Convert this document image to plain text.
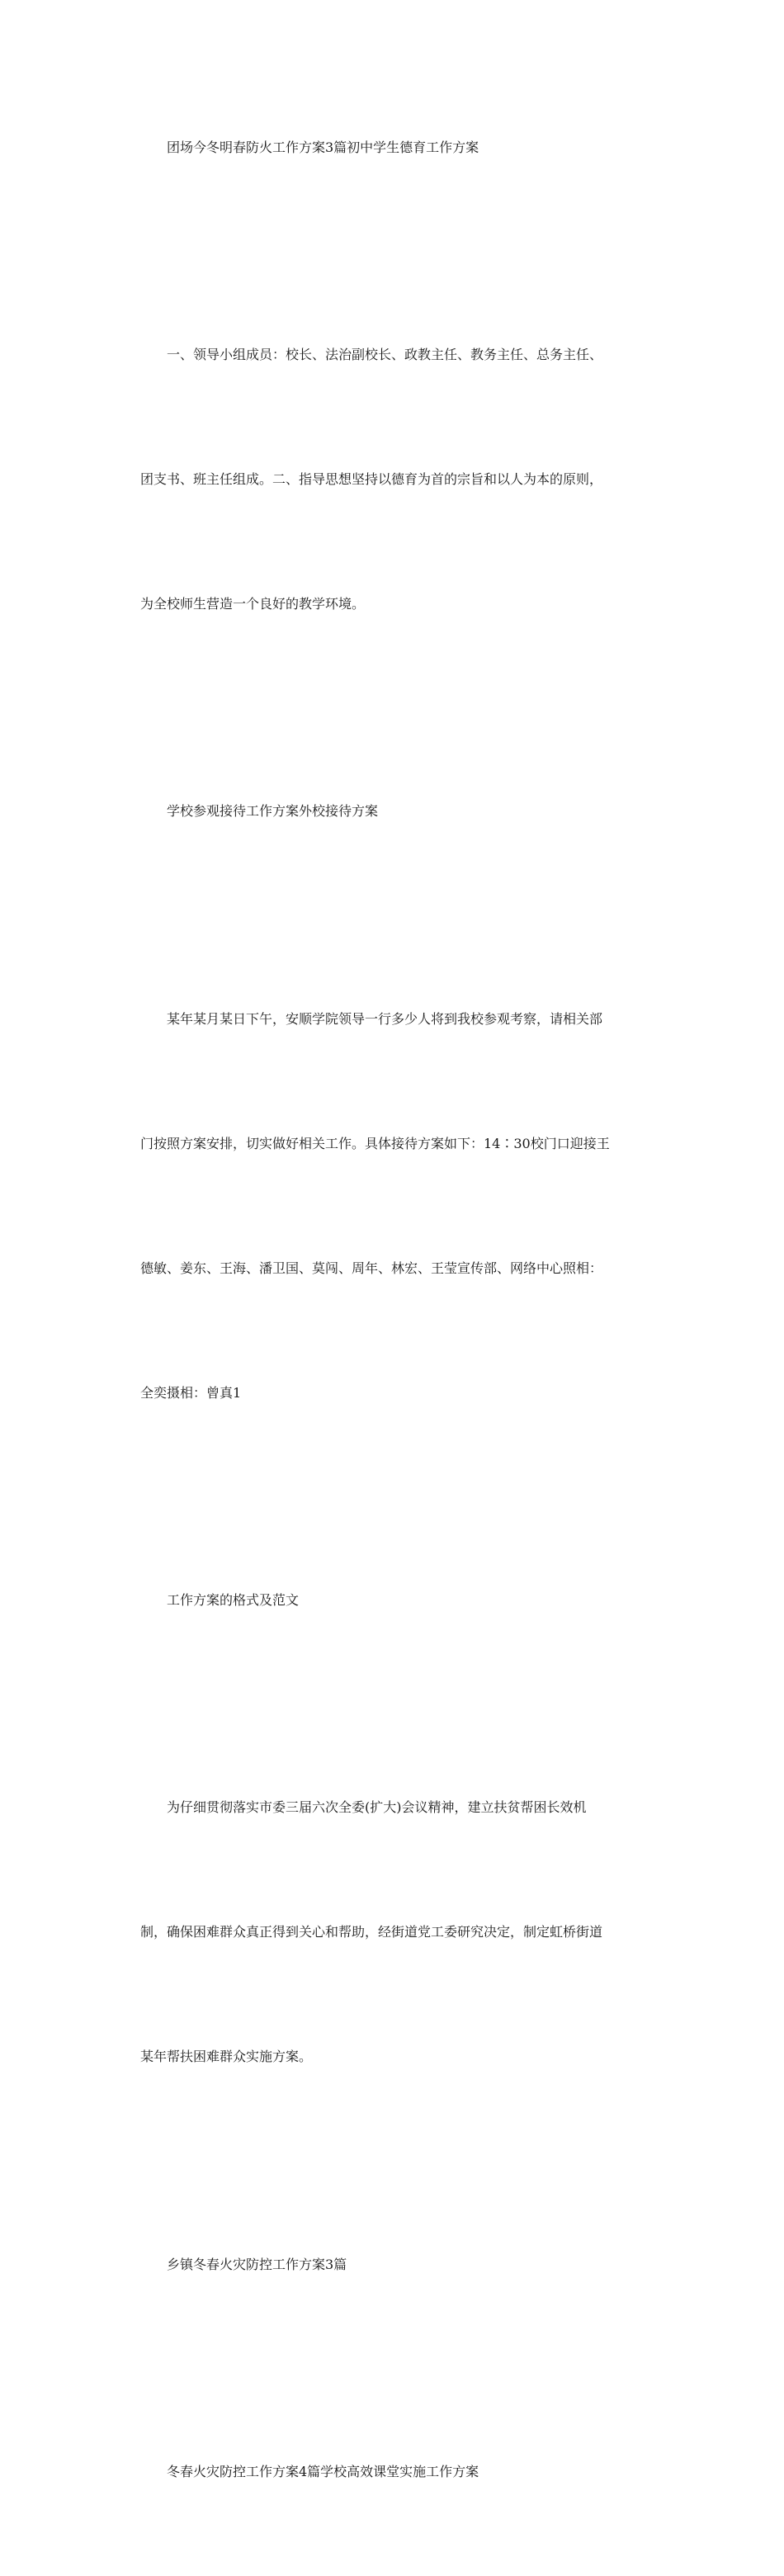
团场今冬明春防火工作方案3篇初中学生德育工作方案

一、领导小组成员：校长、法治副校长、政教主任、教务主任、总务主任、

团支书、班主任组成。二、指导思想坚持以德育为首的宗旨和以人为本的原则，

为全校师生营造一个良好的教学环境。

学校参观接待工作方案外校接待方案

某年某月某日下午，安顺学院领导一行多少人将到我校参观考察，请相关部

门按照方案安排，切实做好相关工作。具体接待方案如下：14∶30校门口迎接王

德敏、姜东、王海、潘卫国、莫闯、周年、林宏、王莹宣传部、网络中心照相：

全奕摄相：曾真1

工作方案的格式及范文

为仔细贯彻落实市委三届六次全委(扩大)会议精神，建立扶贫帮困长效机

制，确保困难群众真正得到关心和帮助，经街道党工委研究决定，制定虹桥街道

某年帮扶困难群众实施方案。

乡镇冬春火灾防控工作方案3篇

冬春火灾防控工作方案4篇学校高效课堂实施工作方案
